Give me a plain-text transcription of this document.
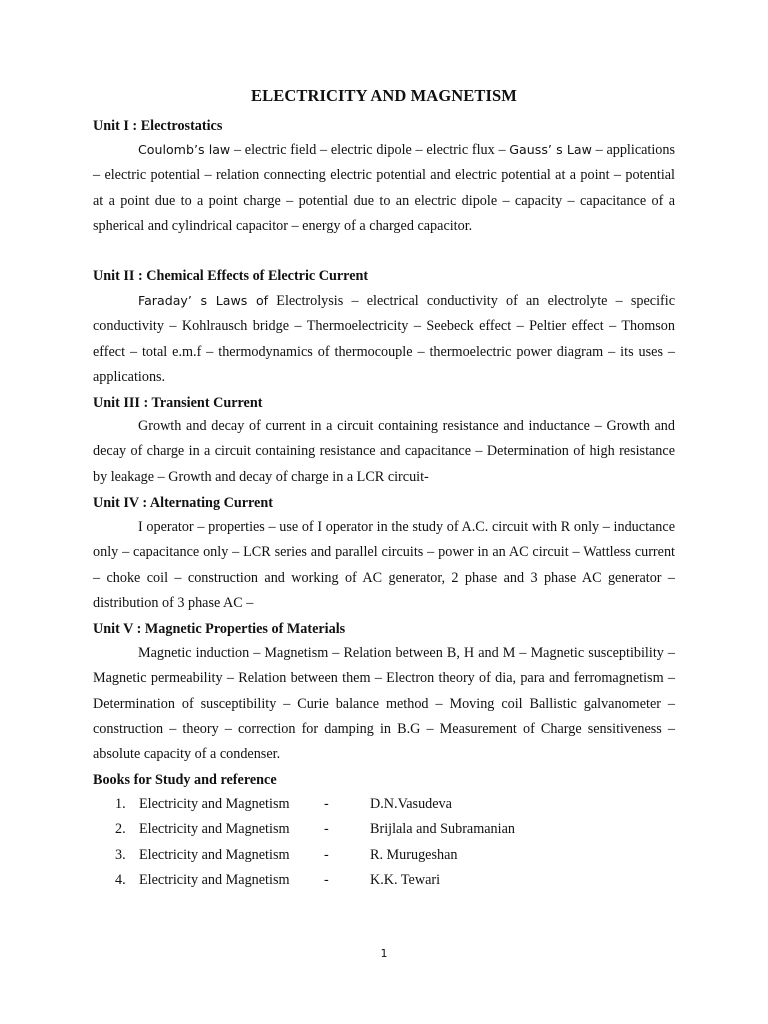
ELECTRICITY AND MAGNETISM
Unit I : Electrostatics

Coulomb’s law – electric field – electric dipole – electric flux – Gauss’ s Law – applications – electric potential – relation connecting electric potential and electric potential at a point – potential at a point due to a point charge – potential due to an electric dipole – capacity – capacitance of a spherical and cylindrical capacitor – energy of a charged capacitor.

Unit II : Chemical Effects of Electric Current

Faraday’ s Laws of Electrolysis – electrical conductivity of an electrolyte – specific conductivity – Kohlrausch bridge – Thermoelectricity – Seebeck effect – Peltier effect – Thomson effect – total e.m.f – thermodynamics of thermocouple – thermoelectric power diagram – its uses – applications.

Unit III : Transient Current

Growth and decay of current in a circuit containing resistance and inductance – Growth and decay of charge in a circuit containing resistance and capacitance – Determination of high resistance by leakage – Growth and decay of charge in a LCR circuit-

Unit IV : Alternating Current

I operator – properties – use of I operator in the study of A.C. circuit with R only – inductance only – capacitance only – LCR series and parallel circuits – power in an AC circuit – Wattless current – choke coil – construction and working of AC generator, 2 phase and 3 phase AC generator – distribution of 3 phase AC –

Unit V : Magnetic Properties of Materials

Magnetic induction – Magnetism – Relation between B, H and M – Magnetic susceptibility – Magnetic permeability – Relation between them – Electron theory of dia, para and ferromagnetism – Determination of susceptibility – Curie balance method – Moving coil Ballistic galvanometer – construction – theory – correction for damping in B.G – Measurement of Charge sensitiveness – absolute capacity of a condenser.

Books for Study and reference
1. Electricity and Magnetism -	D.N.Vasudeva
2. Electricity and Magnetism -	Brijlala and Subramanian
3. Electricity and Magnetism -	R. Murugeshan
4. Electricity and Magnetism -	K.K. Tewari
1
